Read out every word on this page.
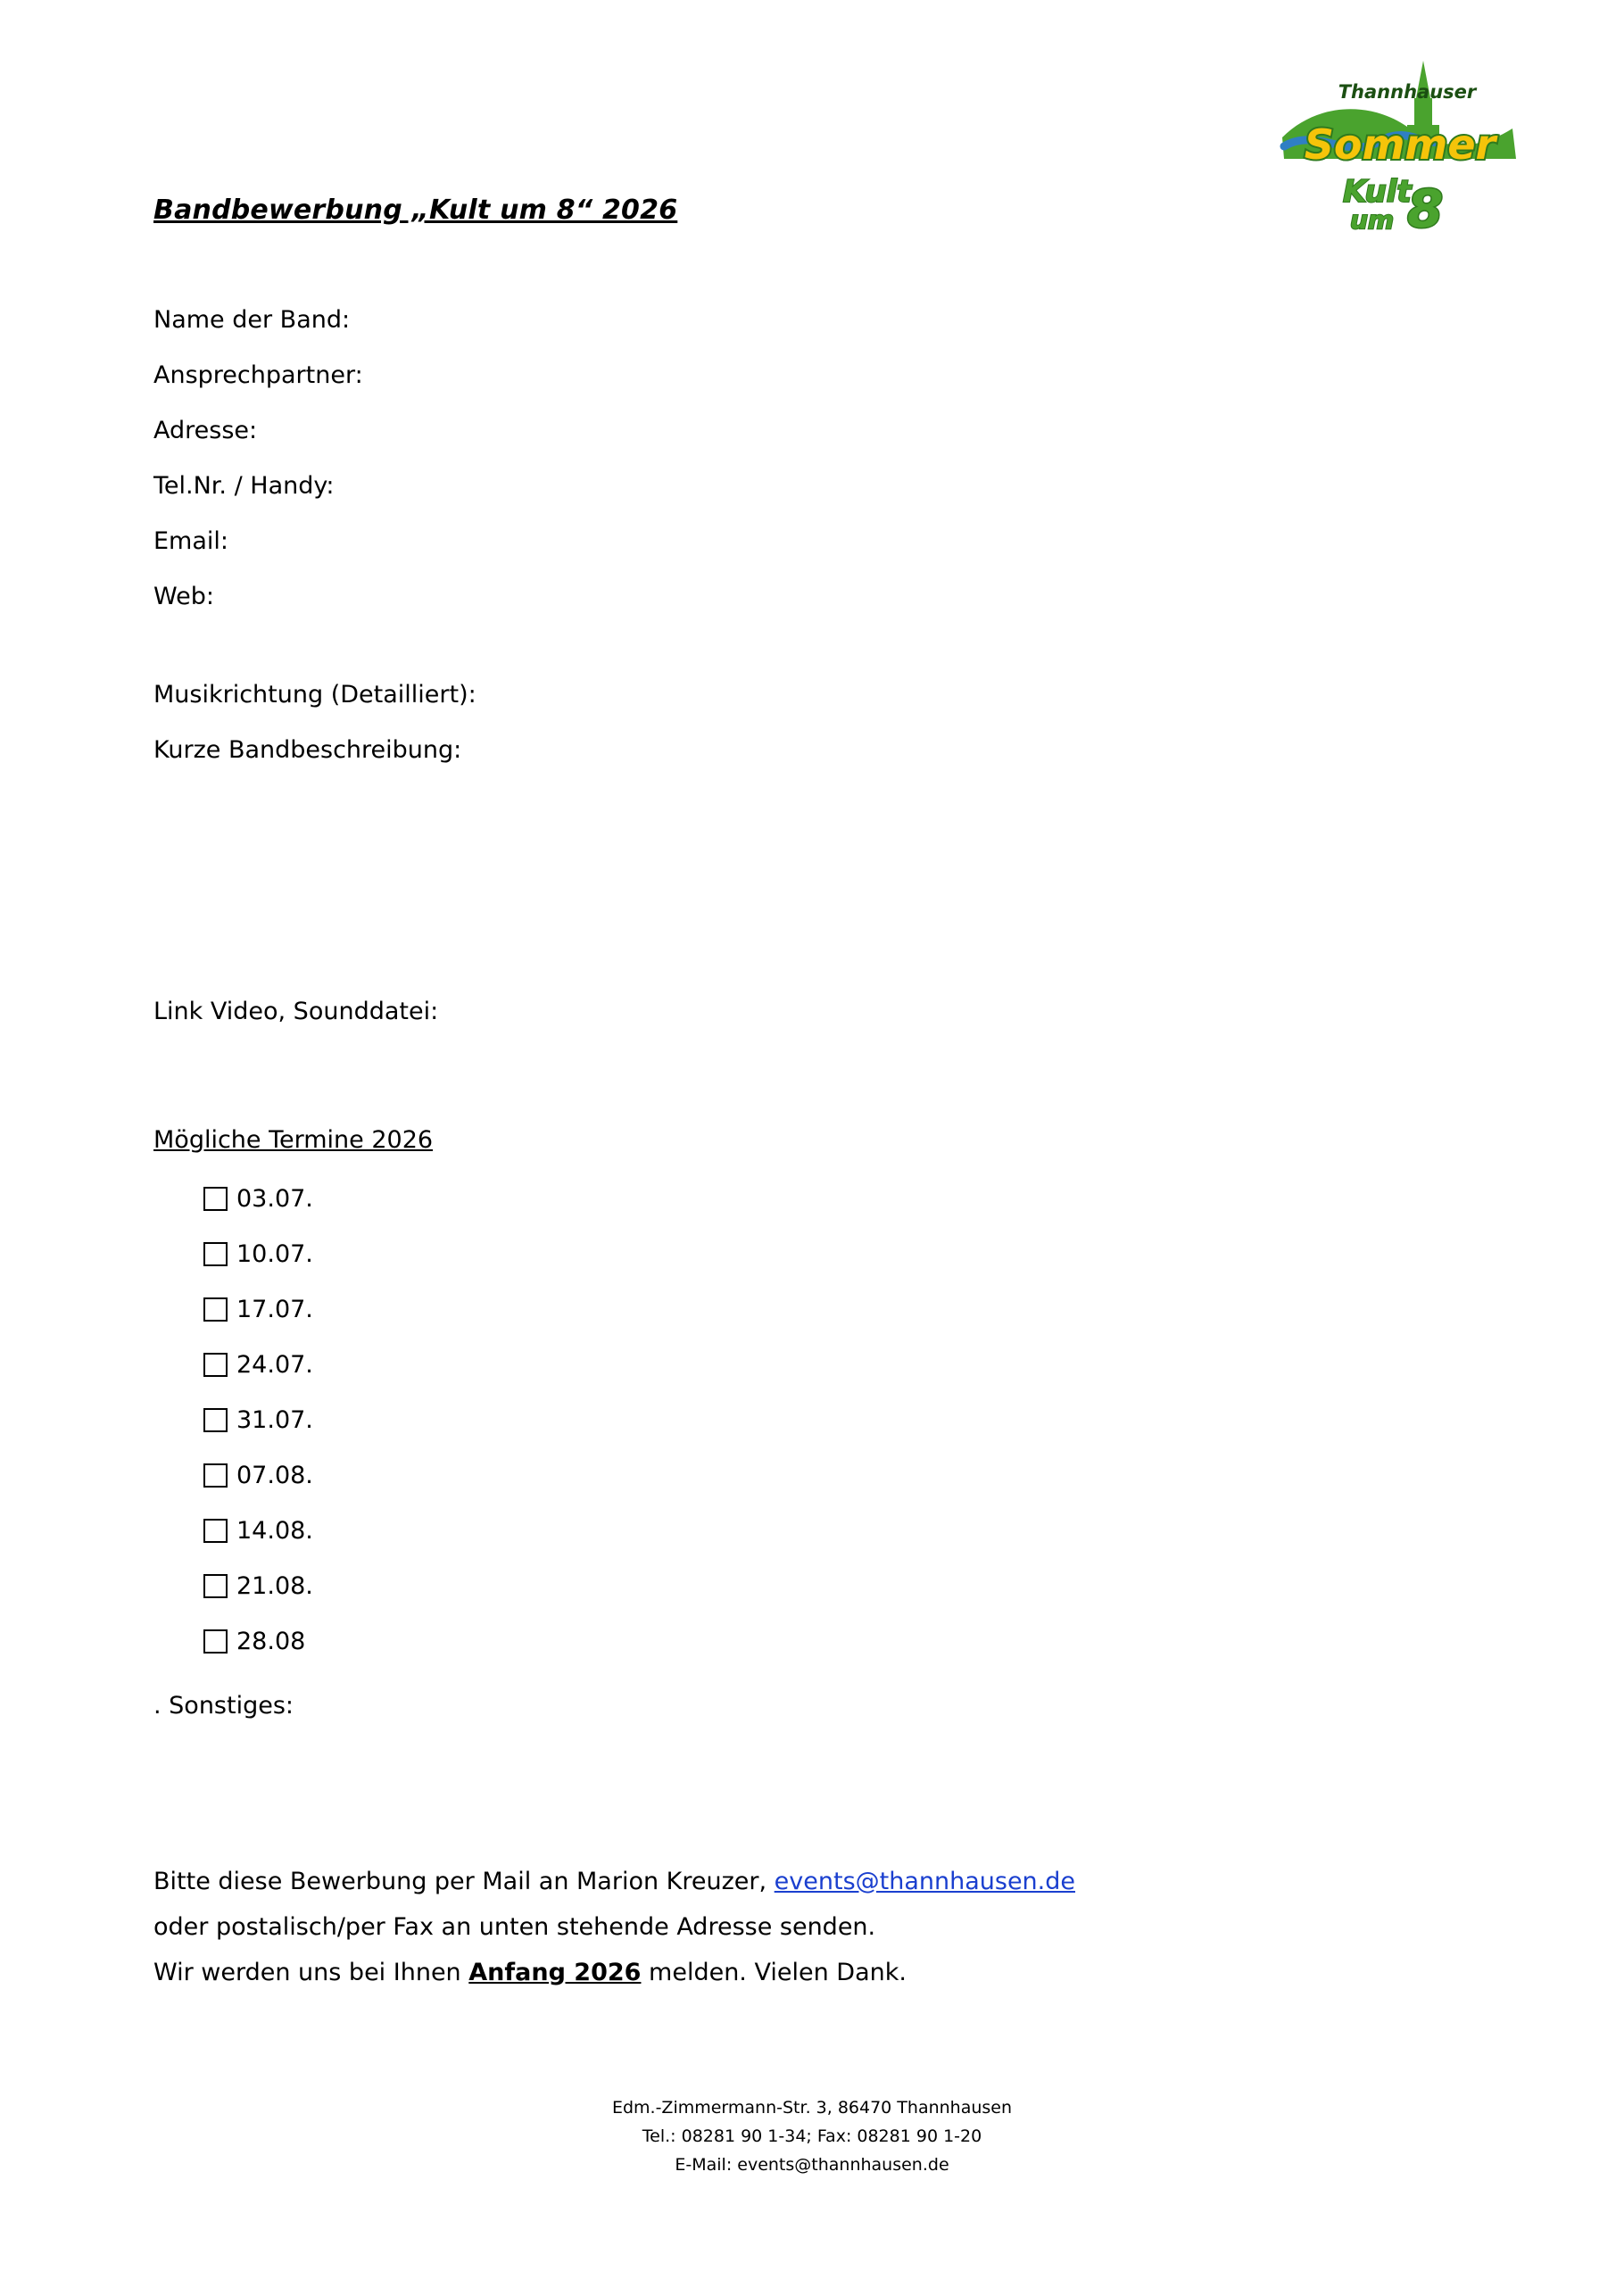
Thannhauser
Sommer
Kult
um 8
Bandbewerbung „Kult um 8“ 2026
Name der Band:
Ansprechpartner:
Adresse:
Tel.Nr. / Handy:
Email:
Web:
Musikrichtung (Detailliert):
Kurze Bandbeschreibung:
Link Video, Sounddatei:
Mögliche Termine 2026
03.07.
10.07.
17.07.
24.07.
31.07.
07.08.
14.08.
21.08.
28.08
. Sonstiges:
Bitte diese Bewerbung per Mail an Marion Kreuzer, events@thannhausen.de
oder postalisch/per Fax an unten stehende Adresse senden.
Wir werden uns bei Ihnen Anfang 2026 melden. Vielen Dank.
Edm.-Zimmermann-Str. 3, 86470 Thannhausen
Tel.: 08281 90 1-34; Fax: 08281 90 1-20
E-Mail: events@thannhausen.de
